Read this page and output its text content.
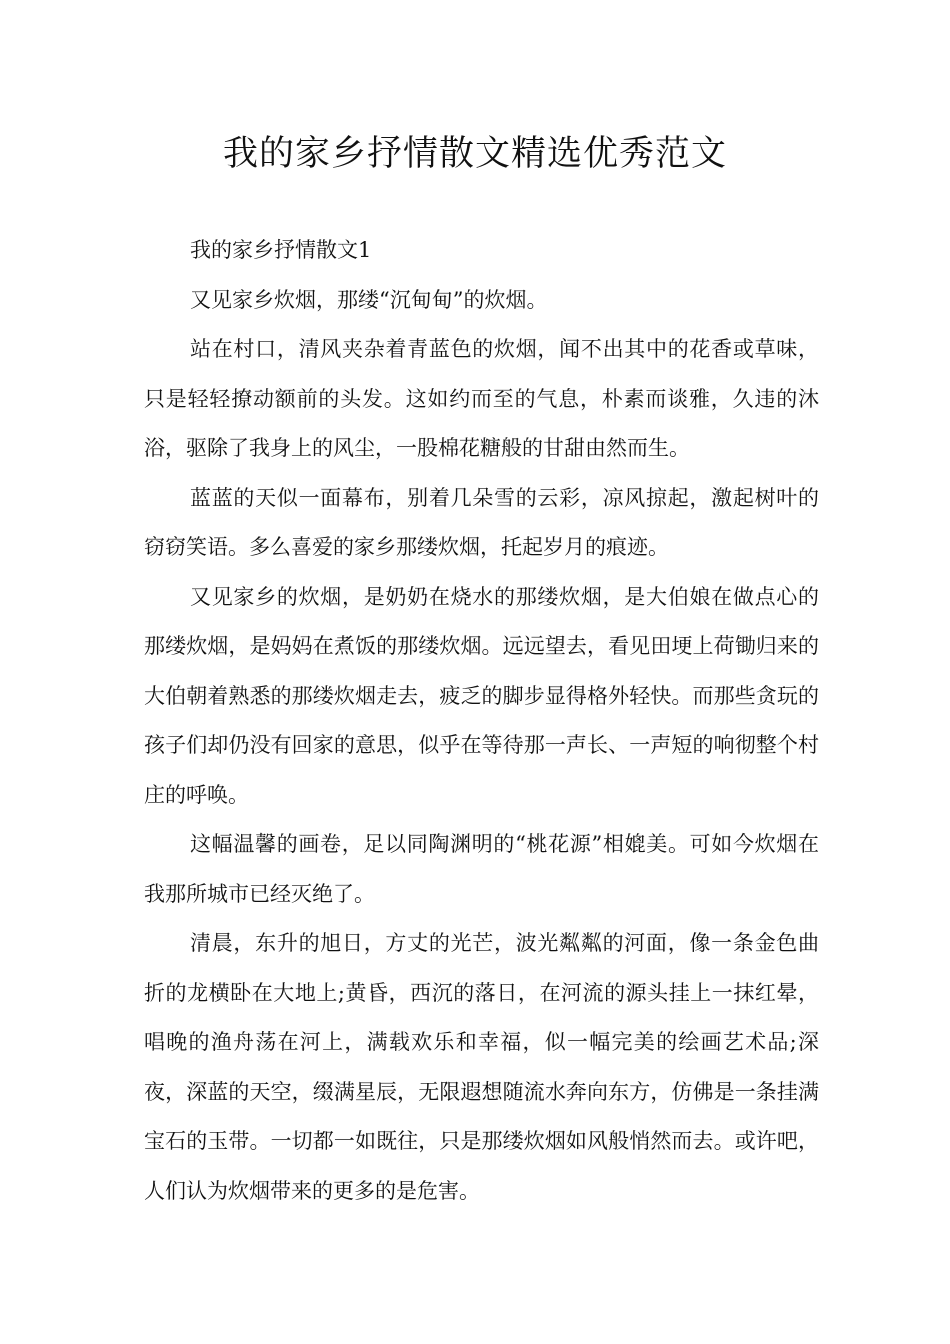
我的家乡抒情散文精选优秀范文

我的家乡抒情散文1

又见家乡炊烟，那缕“沉甸甸”的炊烟。

站在村口，清风夹杂着青蓝色的炊烟，闻不出其中的花香或草味，只是轻轻撩动额前的头发。这如约而至的气息，朴素而谈雅，久违的沐浴，驱除了我身上的风尘，一股棉花糖般的甘甜由然而生。

蓝蓝的天似一面幕布，别着几朵雪的云彩，凉风掠起，激起树叶的窃窃笑语。多么喜爱的家乡那缕炊烟，托起岁月的痕迹。

又见家乡的炊烟，是奶奶在烧水的那缕炊烟，是大伯娘在做点心的那缕炊烟，是妈妈在煮饭的那缕炊烟。远远望去，看见田埂上荷锄归来的大伯朝着熟悉的那缕炊烟走去，疲乏的脚步显得格外轻快。而那些贪玩的孩子们却仍没有回家的意思，似乎在等待那一声长、一声短的响彻整个村庄的呼唤。

这幅温馨的画卷，足以同陶渊明的“桃花源”相媲美。可如今炊烟在我那所城市已经灭绝了。

清晨，东升的旭日，方丈的光芒，波光粼粼的河面，像一条金色曲折的龙横卧在大地上;黄昏，西沉的落日，在河流的源头挂上一抹红晕，唱晚的渔舟荡在河上，满载欢乐和幸福，似一幅完美的绘画艺术品;深夜，深蓝的天空，缀满星辰，无限遐想随流水奔向东方，仿佛是一条挂满宝石的玉带。一切都一如既往，只是那缕炊烟如风般悄然而去。或许吧，人们认为炊烟带来的更多的是危害。
